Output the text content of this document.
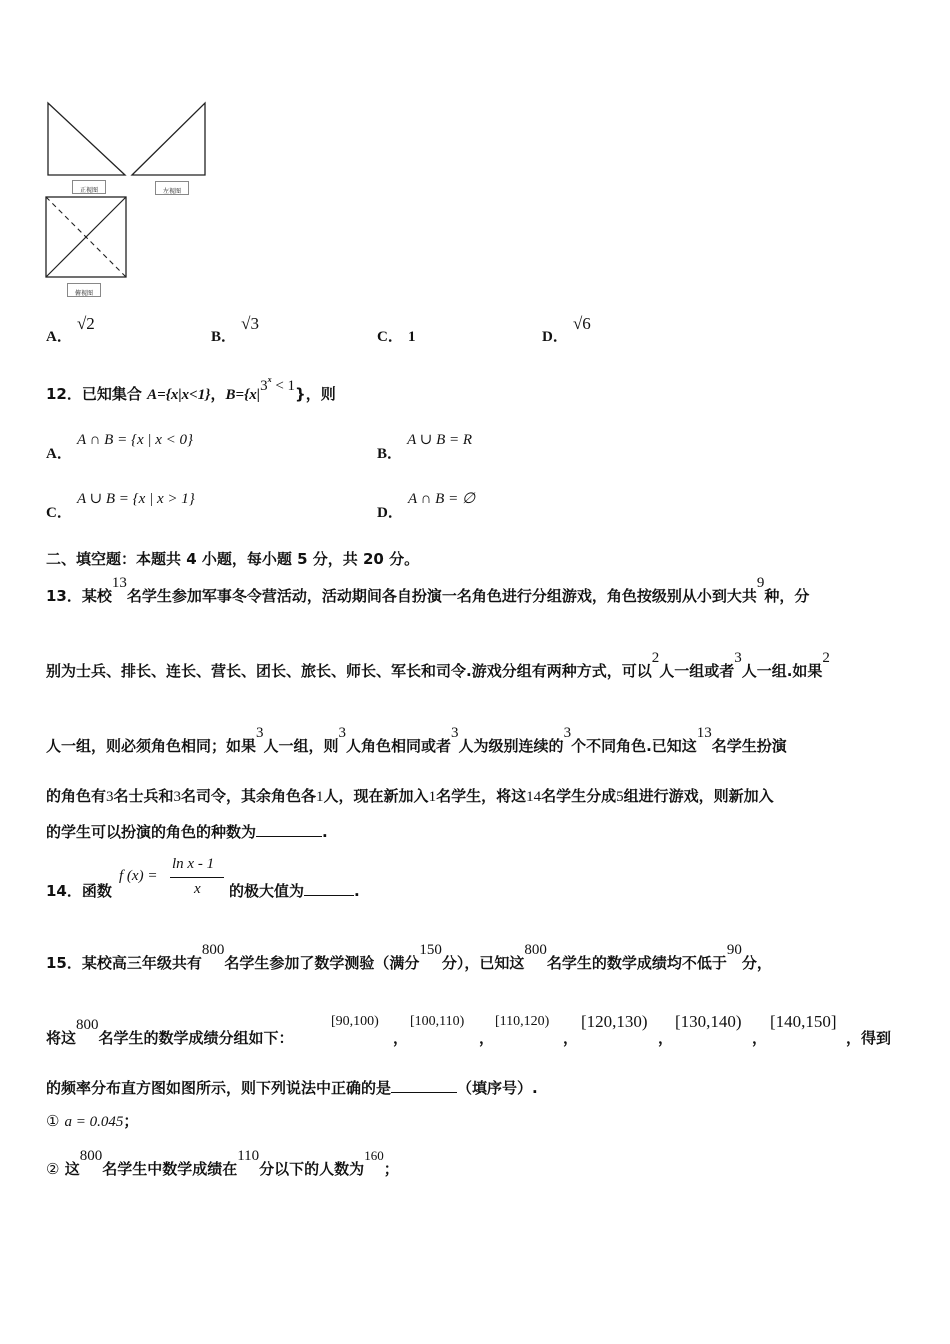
正视图	左视图
俯视图
A． √2
B． √3
C． 1	D． √6
12．已知集合 A={x|x<1}，$B=\{x|3^x < 1\}$，则
A． A ∩ B = {x | x < 0}
B． A ∪ B = R
C． A ∪ B = {x | x > 1}
D． A ∩ B = ∅
二、填空题：本题共 4 小题，每小题 5 分，共 20 分。
13．某校13名学生参加军事冬令营活动，活动期间各自扮演一名角色进行分组游戏，角色按级别从小到大共9种，分
别为士兵、排长、连长、营长、团长、旅长、师长、军长和司令.游戏分组有两种方式，可以2人一组或者3人一组.如果2
人一组，则必须角色相同；如果3人一组，则3人角色相同或者3人为级别连续的3个不同角色.已知这13名学生扮演
的角色有3名士兵和3名司令，其余角色各1人，现在新加入1名学生，将这14名学生分成5组进行游戏，则新加入
的学生可以扮演的角色的种数为	.
14．函数
f (x) =
ln x - 1
x 的极大值为	.
15．某校高三年级共有800名学生参加了数学测验（满分150分），已知这800名学生的数学成绩均不低于90分，
将这800名学生的数学成绩分组如下：
[90,100)
，
[100,110)
，
[110,120)
，
[120,130)
，
[130,140)
，
[140,150]
，得到
的频率分布直方图如图所示，则下列说法中正确的是	（填序号）.
① a = 0.045；
② 这800名学生中数学成绩在110分以下的人数为160；
